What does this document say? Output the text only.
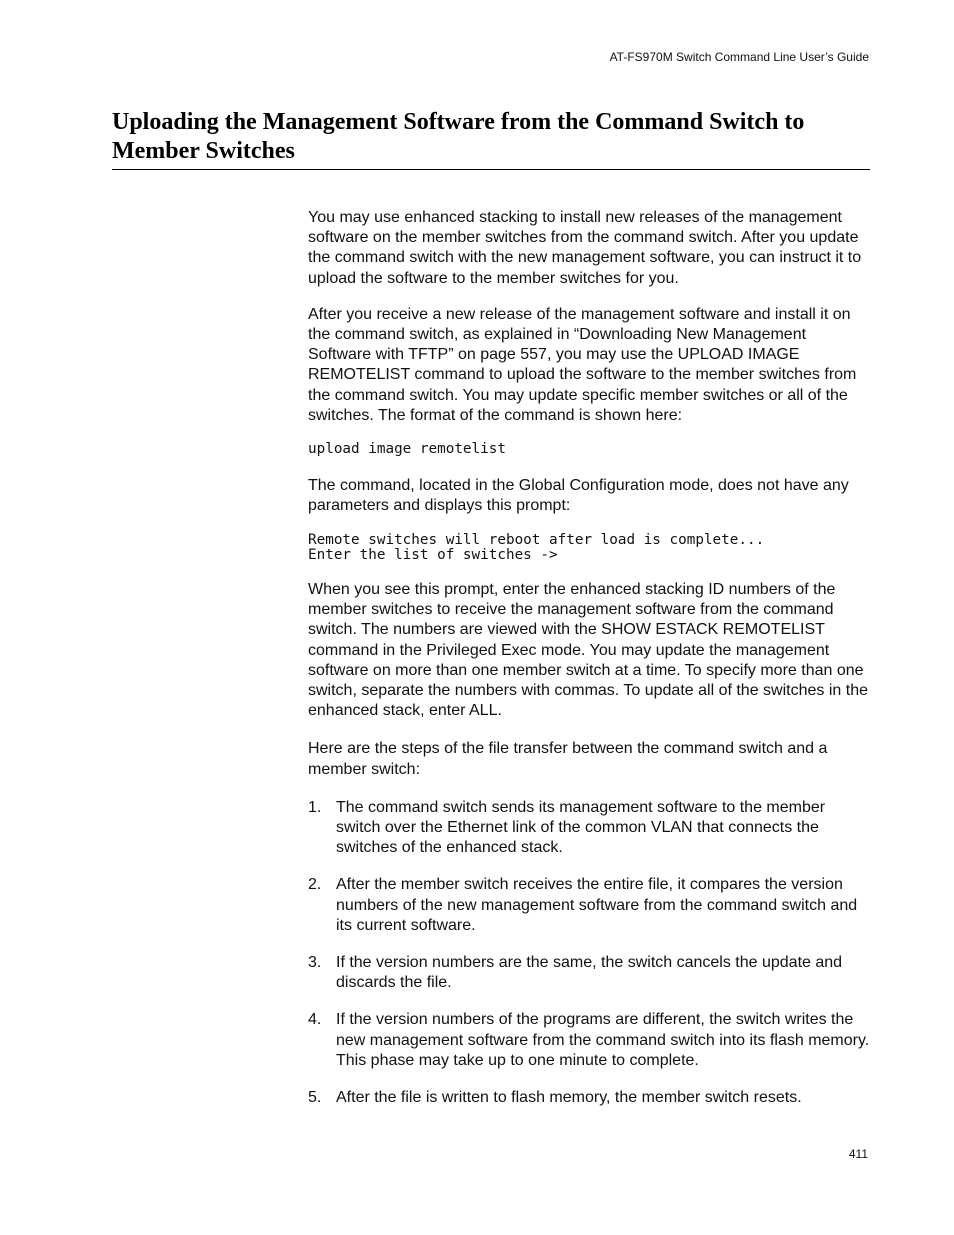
AT-FS970M Switch Command Line User’s Guide
Uploading the Management Software from the Command Switch to Member Switches

You may use enhanced stacking to install new releases of the management software on the member switches from the command switch. After you update the command switch with the new management software, you can instruct it to upload the software to the member switches for you.

After you receive a new release of the management software and install it on the command switch, as explained in “Downloading New Management Software with TFTP” on page 557, you may use the UPLOAD IMAGE REMOTELIST command to upload the software to the member switches from the command switch. You may update specific member switches or all of the switches. The format of the command is shown here:

upload image remotelist

The command, located in the Global Configuration mode, does not have any parameters and displays this prompt:

Remote switches will reboot after load is complete...
Enter the list of switches ->

When you see this prompt, enter the enhanced stacking ID numbers of the member switches to receive the management software from the command switch. The numbers are viewed with the SHOW ESTACK REMOTELIST command in the Privileged Exec mode. You may update the management software on more than one member switch at a time. To specify more than one switch, separate the numbers with commas. To update all of the switches in the enhanced stack, enter ALL.

Here are the steps of the file transfer between the command switch and a member switch:

1. The command switch sends its management software to the member switch over the Ethernet link of the common VLAN that connects the switches of the enhanced stack.
2. After the member switch receives the entire file, it compares the version numbers of the new management software from the command switch and its current software.
3. If the version numbers are the same, the switch cancels the update and discards the file.
4. If the version numbers of the programs are different, the switch writes the new management software from the command switch into its flash memory. This phase may take up to one minute to complete.
5. After the file is written to flash memory, the member switch resets.
411
